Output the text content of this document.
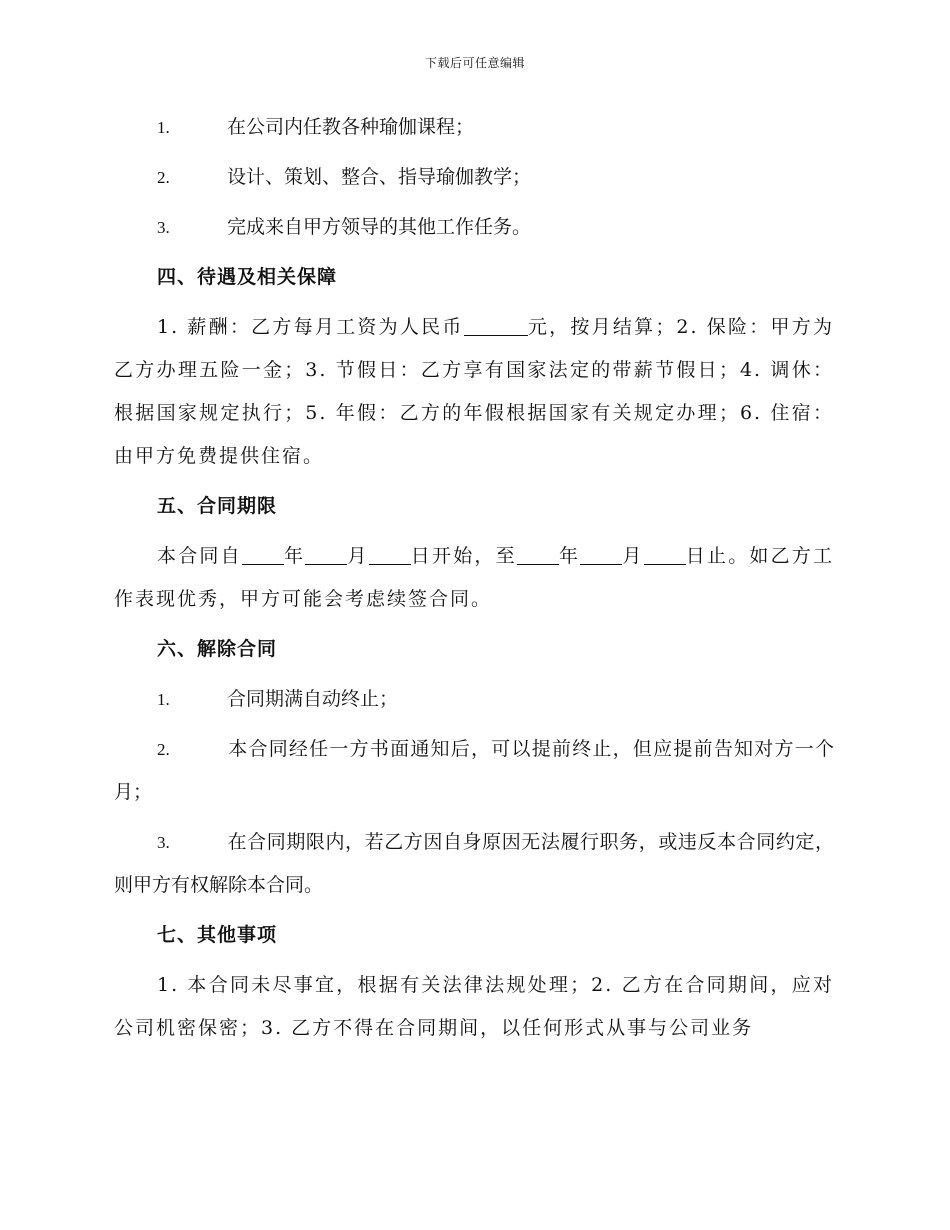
下载后可任意编辑
1.	在公司内任教各种瑜伽课程；
2.	设计、策划、整合、指导瑜伽教学；
3.	完成来自甲方领导的其他工作任务。
四、待遇及相关保障
1. 薪酬：乙方每月工资为人民币	元，按月结算；2. 保险：甲方为乙方办理五险一金；3. 节假日：乙方享有国家法定的带薪节假日；4. 调休：根据国家规定执行；5. 年假：乙方的年假根据国家有关规定办理；6. 住宿：由甲方免费提供住宿。
五、合同期限
本合同自 年 月 日开始，至 年 月 日止。如乙方工作表现优秀，甲方可能会考虑续签合同。
六、解除合同
1.	合同期满自动终止；
2.	本合同经任一方书面通知后，可以提前终止，但应提前告知对方一个月；
3.	在合同期限内，若乙方因自身原因无法履行职务，或违反本合同约定，则甲方有权解除本合同。
七、其他事项
1. 本合同未尽事宜，根据有关法律法规处理；2. 乙方在合同期间，应对公司机密保密；3. 乙方不得在合同期间，以任何形式从事与公司业务
